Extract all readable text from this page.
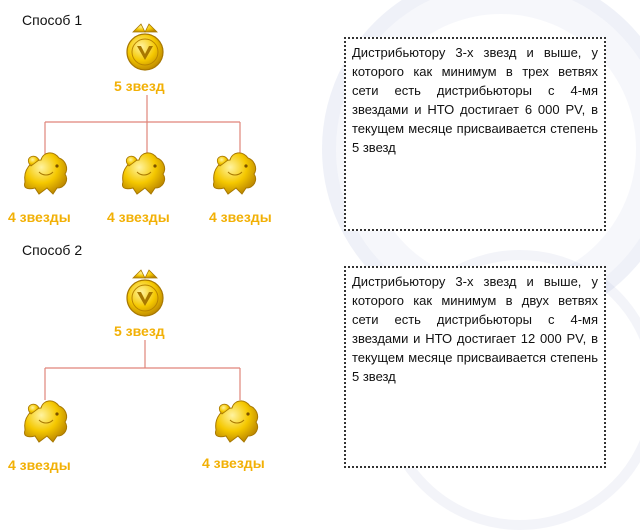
Способ 1
5 звезд
4 звезды	4 звезды	4 звезды
Дистрибьютору 3-х звезд и выше, у которого как минимум в трех ветвях сети есть дистрибьюторы с 4-мя звездами и НТО достигает 6 000 PV, в текущем месяце присваивается степень 5 звезд
Способ 2
5 звезд
4 звезды	4 звезды
Дистрибьютору 3-х звезд и выше, у которого как минимум в двух ветвях сети есть дистрибьюторы с 4-мя звездами и НТО достигает 12 000 PV, в текущем месяце присваивается степень 5 звезд
